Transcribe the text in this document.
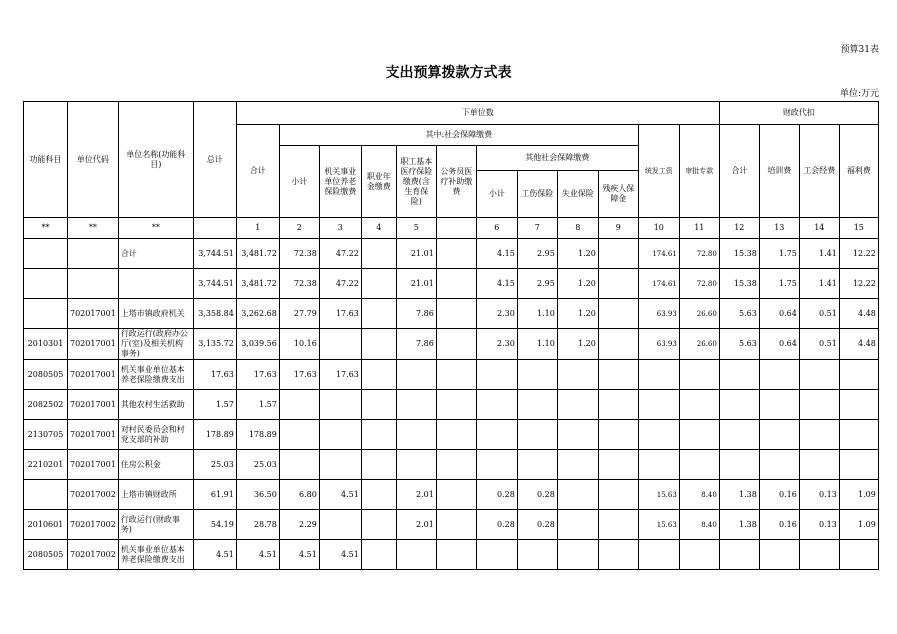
预算31表
支出预算拨款方式表
单位:万元
功能科目	单位代码	单位名称(功能科目)	总计	下单位数												财政代扣			
				合计	其中:社会保障缴费									统发工资	审批专款	合计	培训费	工会经费	福利费
					小计	机关事业单位养老保险缴费	职业年金缴费	职工基本医疗保险缴费(含生育保险)	公务员医疗补助缴费	其他社会保障缴费									
										小计	工伤保险	失业保险	残疾人保障金						

**	**	**		1	2	3	4	5		6	7	8	9	10	11	12	13	14	15
		合计	3,744.51	3,481.72	72.38	47.22		21.01		4.15	2.95	1.20		174.61	72.80	15.38	1.75	1.41	12.22
			3,744.51	3,481.72	72.38	47.22		21.01		4.15	2.95	1.20		174.61	72.80	15.38	1.75	1.41	12.22
	702017001	上塔市镇政府机关	3,358.84	3,262.68	27.79	17.63		7.86		2.30	1.10	1.20		63.93	26.60	5.63	0.64	0.51	4.48
2010301	702017001	行政运行(政府办公厅(室)及相关机构事务)	3,135.72	3,039.56	10.16			7.86		2.30	1.10	1.20		63.93	26.60	5.63	0.64	0.51	4.48
2080505	702017001	机关事业单位基本养老保险缴费支出	17.63	17.63	17.63	17.63													
2082502	702017001	其他农村生活救助	1.57	1.57															
2130705	702017001	对村民委员会和村党支部的补助	178.89	178.89															
2210201	702017001	住房公积金	25.03	25.03															
	702017002	上塔市镇财政所	61.91	36.50	6.80	4.51		2.01		0.28	0.28			15.63	8.40	1.38	0.16	0.13	1.09
2010601	702017002	行政运行(财政事务)	54.19	28.78	2.29			2.01		0.28	0.28			15.63	8.40	1.38	0.16	0.13	1.09
2080505	702017002	机关事业单位基本养老保险缴费支出	4.51	4.51	4.51	4.51													
